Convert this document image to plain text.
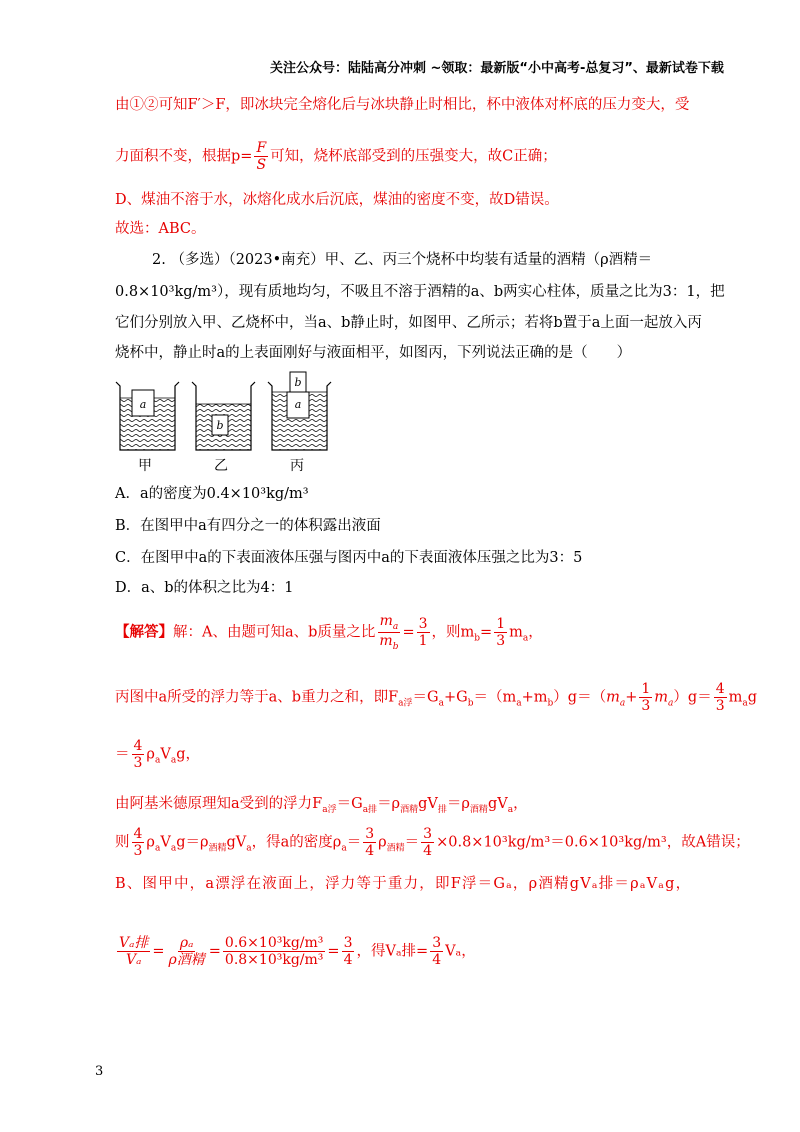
关注公众号：陆陆高分冲刺 ~领取：最新版“小中高考-总复习”、最新试卷下载
由①②可知F′＞F，即冰块完全熔化后与冰块静止时相比，杯中液体对杯底的压力变大，受
力面积不变，根据$p= \frac{F}{S}$ 可知，烧杯底部受到的压强变大，故C正确；
D、煤油不溶于水，冰熔化成水后沉底，煤油的密度不变，故D错误。
故选：ABC。
2. （多选）（2023•南充）甲、乙、丙三个烧杯中均装有适量的酒精（ρ酒精＝
0.8×10³kg/m³），现有质地均匀，不吸且不溶于酒精的a、b两实心柱体，质量之比为3：1，把
它们分别放入甲、乙烧杯中，当a、b静止时，如图甲、乙所示；若将b置于a上面一起放入丙
烧杯中，静止时a的上表面刚好与液面相平，如图丙，下列说法正确的是（　　）
a
b
a
b
甲	乙	丙
A．a的密度为0.4×10³kg/m³
B．在图甲中a有四分之一的体积露出液面
C．在图甲中a的下表面液体压强与图丙中a的下表面液体压强之比为3：5
D．a、b的体积之比为4：1
【解答】解：A、由题可知a、b质量之比 $\frac{m_a}{m_b} = \frac{3}{1}$ ，则$m_b= \frac{1}{3} m_a$，
丙图中a所受的浮力等于a、b重力之和，即$F_{a浮}=G_a+G_b=(m_a+m_b)g=(m_a+ \frac{1}{3} m_a)g= \frac{4}{3} m_ag$
＝ $\frac{4}{3} \rho_aV_ag$，
由阿基米德原理知a受到的浮力$F_{a浮}=G_{a排}=\rho_{酒精}gV_排=\rho_{酒精}gV_a$，
则 $\frac{4}{3} \rho_aV_ag=\rho_{酒精}gV_a$，得a的密度$\rho_a= \frac{3}{4} \rho_{酒精}= \frac{3}{4} \times 0.8\times 10^3kg/m^3=0.6\times 10^3kg/m^3$，故A错误；
B、图甲中，a漂浮在液面上，浮力等于重力，即F浮＝Gₐ，ρ酒精gVₐ排＝ρₐVₐg，
$\frac{\text{Vₐ排}}{\text{Vₐ}} = \frac{\text{ρₐ}}{\text{ρ酒精}} = \frac{\text{0.6×10³kg/m³}}{\text{0.8×10³kg/m³}} = \frac{3}{4}$ ，得Vₐ排= $\frac{3}{4}$ Vₐ，
3
